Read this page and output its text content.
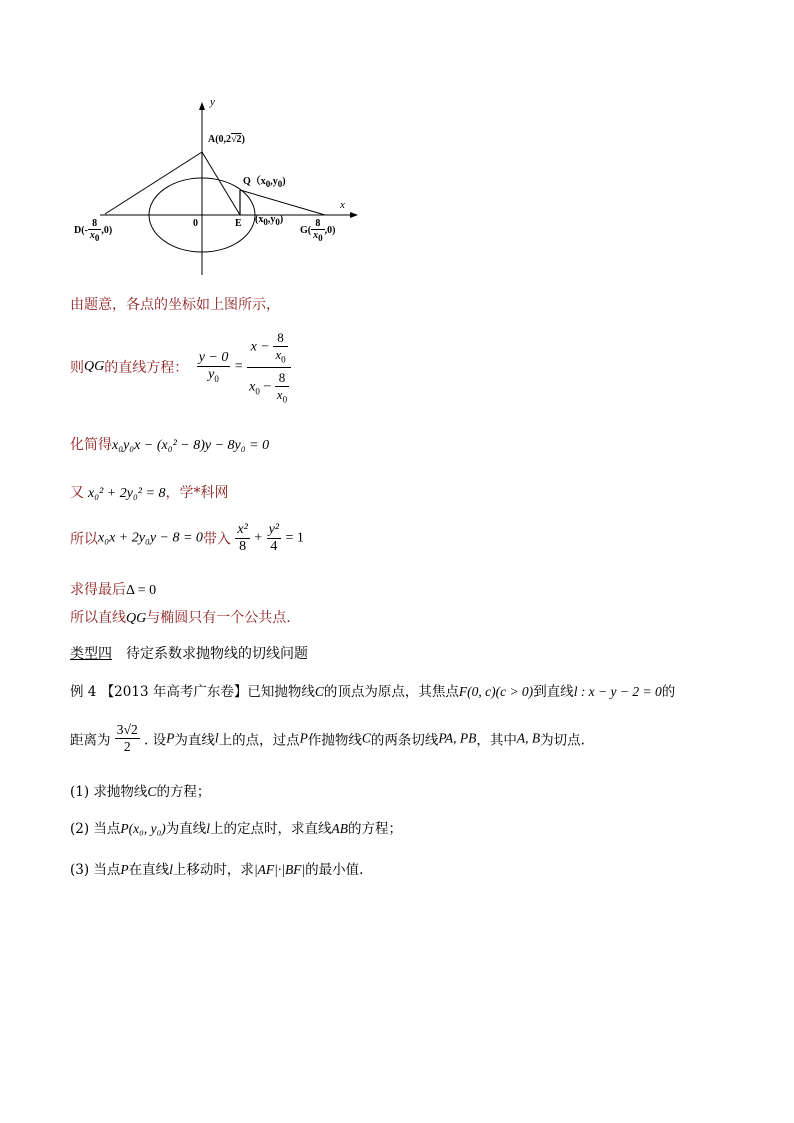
y
x
0
A(0,2√2)
$Q(x_0,y_0)$
E $(x_0,y_0)$
$D(- \frac{8}{x_0} ,0)$	$G( \frac{8}{x_0} ,0)$
由题意，各点的坐标如上图所示，
则QG的直线方程： $\frac{y - 0}{y_0} = \frac{x - \frac{8}{x_0}}{x_0 - \frac{8}{x_0}}$
化简得x₀y₀x − (x₀² − 8)y − 8y₀ = 0
又 x₀² + 2y₀² = 8，学*科网
所以x₀x + 2y₀y − 8 = 0带入 $\frac{\text{x²}}{8} + \frac{\text{y²}}{4} = 1$
求得最后Δ = 0
所以直线QG与椭圆只有一个公共点.
类型四 待定系数求抛物线的切线问题
例 4 【2013 年高考广东卷】已知抛物线C的顶点为原点，其焦点F(0, c)(c > 0)到直线l : x − y − 2 = 0的
距离为 $\frac{3√2}{2}$ . 设P为直线l上的点，过点P作抛物线C的两条切线PA, PB，其中A, B为切点.
(1) 求抛物线C的方程；
(2) 当点P(x₀, y₀)为直线l上的定点时，求直线AB的方程；
(3) 当点P在直线l上移动时，求|AF|·|BF|的最小值.
